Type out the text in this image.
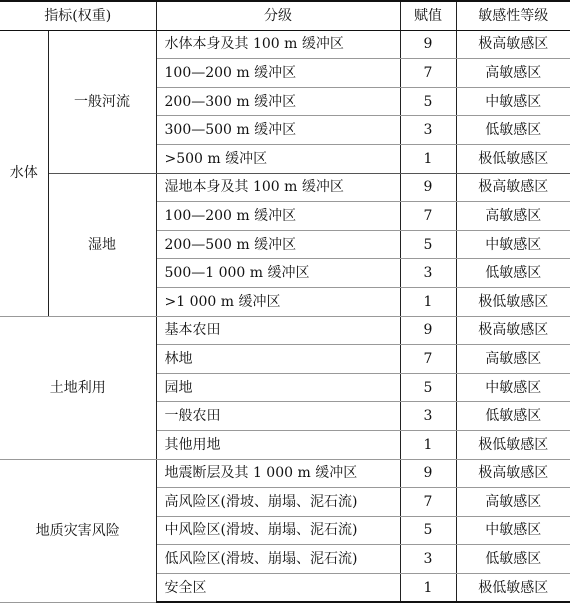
指标(权重)		分级	赋值	敏感性等级
水体	一般河流	水体本身及其 100 m 缓冲区	9	极高敏感区
		100—200 m 缓冲区	7	高敏感区
		200—300 m 缓冲区	5	中敏感区
		300—500 m 缓冲区	3	低敏感区
		>500 m 缓冲区	1	极低敏感区
	湿地	湿地本身及其 100 m 缓冲区	9	极高敏感区
		100—200 m 缓冲区	7	高敏感区
		200—500 m 缓冲区	5	中敏感区
		500—1 000 m 缓冲区	3	低敏感区
		>1 000 m 缓冲区	1	极低敏感区
土地利用		基本农田	9	极高敏感区
		林地	7	高敏感区
		园地	5	中敏感区
		一般农田	3	低敏感区
		其他用地	1	极低敏感区
地质灾害风险		地震断层及其 1 000 m 缓冲区	9	极高敏感区
		高风险区(滑坡、崩塌、泥石流)	7	高敏感区
		中风险区(滑坡、崩塌、泥石流)	5	中敏感区
		低风险区(滑坡、崩塌、泥石流)	3	低敏感区
		安全区	1	极低敏感区
